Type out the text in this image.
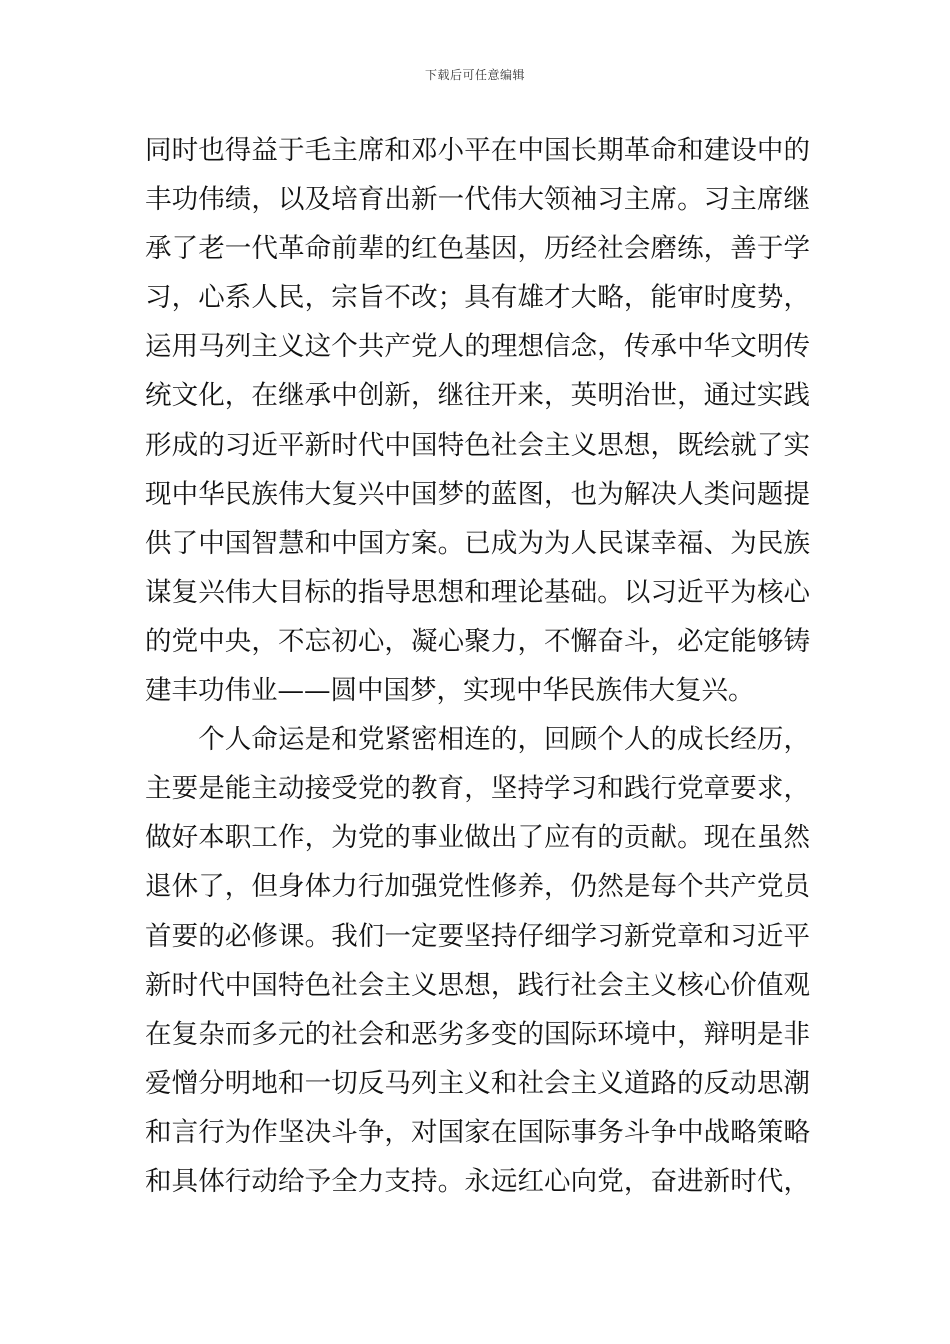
下载后可任意编辑

同时也得益于毛主席和邓小平在中国长期革命和建设中的
丰功伟绩，以及培育出新一代伟大领袖习主席。习主席继
承了老一代革命前辈的红色基因，历经社会磨练，善于学
习，心系人民，宗旨不改；具有雄才大略，能审时度势，
运用马列主义这个共产党人的理想信念，传承中华文明传
统文化，在继承中创新，继往开来，英明治世，通过实践
形成的习近平新时代中国特色社会主义思想，既绘就了实
现中华民族伟大复兴中国梦的蓝图，也为解决人类问题提
供了中国智慧和中国方案。已成为为人民谋幸福、为民族
谋复兴伟大目标的指导思想和理论基础。以习近平为核心
的党中央，不忘初心，凝心聚力，不懈奋斗，必定能够铸
建丰功伟业——圆中国梦，实现中华民族伟大复兴。

　　个人命运是和党紧密相连的，回顾个人的成长经历，
主要是能主动接受党的教育，坚持学习和践行党章要求，
做好本职工作，为党的事业做出了应有的贡献。现在虽然
退休了，但身体力行加强党性修养，仍然是每个共产党员
首要的必修课。我们一定要坚持仔细学习新党章和习近平
新时代中国特色社会主义思想，践行社会主义核心价值观
在复杂而多元的社会和恶劣多变的国际环境中，辩明是非
爱憎分明地和一切反马列主义和社会主义道路的反动思潮
和言行为作坚决斗争，对国家在国际事务斗争中战略策略
和具体行动给予全力支持。永远红心向党，奋进新时代，
